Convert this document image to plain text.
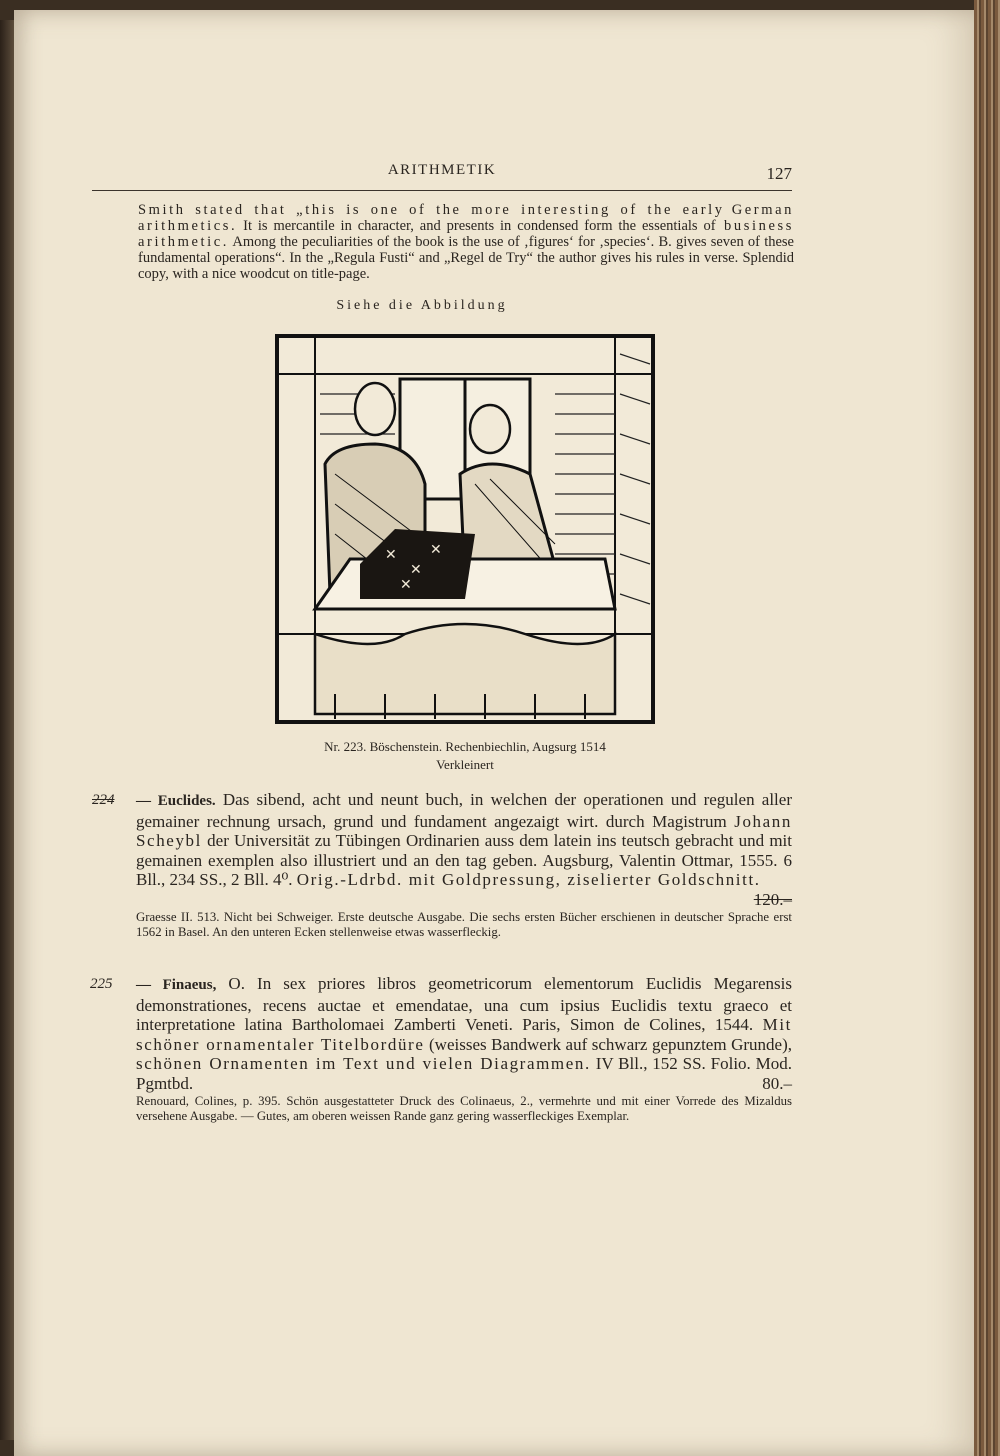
ARITHMETIK	127
Smith stated that „this is one of the more interesting of the early German arithmetics. It is mercantile in character, and presents in condensed form the essentials of business arithmetic. Among the peculiarities of the book is the use of ‚figures‘ for ‚species‘. B. gives seven of these fundamental operations“. In the „Regula Fusti“ and „Regel de Try“ the author gives his rules in verse. Splendid copy, with a nice woodcut on title-page.
Siehe die Abbildung
✕
✕
✕
✕
Nr. 223. Böschenstein. Rechenbiechlin, Augsurg 1514
Verkleinert
224 — Euclides. Das sibend, acht und neunt buch, in welchen der operationen und regulen aller gemainer rechnung ursach, grund und fundament angezaigt wirt. durch Magistrum Johann Scheybl der Universität zu Tübingen Ordinarien auss dem latein ins teutsch gebracht und mit gemainen exemplen also illustriert und an den tag geben. Augsburg, Valentin Ottmar, 1555. 6 Bll., 234 SS., 2 Bll. 4⁰. Orig.-Ldrbd. mit Goldpressung, ziselierter Goldschnitt.
120.–
Graesse II. 513. Nicht bei Schweiger. Erste deutsche Ausgabe. Die sechs ersten Bücher erschienen in deutscher Sprache erst 1562 in Basel. An den unteren Ecken stellenweise etwas wasserfleckig.
225 — Finaeus, O. In sex priores libros geometricorum elementorum Euclidis Megarensis demonstrationes, recens auctae et emendatae, una cum ipsius Euclidis textu graeco et interpretatione latina Bartholomaei Zamberti Veneti. Paris, Simon de Colines, 1544. Mit schöner ornamentaler Titelbordüre (weisses Bandwerk auf schwarz gepunztem Grunde), schönen Ornamenten im Text und vielen Diagrammen. IV Bll., 152 SS. Folio. Mod. Pgmtbd.	80.–
Renouard, Colines, p. 395. Schön ausgestatteter Druck des Colinaeus, 2., vermehrte und mit einer Vorrede des Mizaldus versehene Ausgabe. — Gutes, am oberen weissen Rande ganz gering wasserfleckiges Exemplar.
